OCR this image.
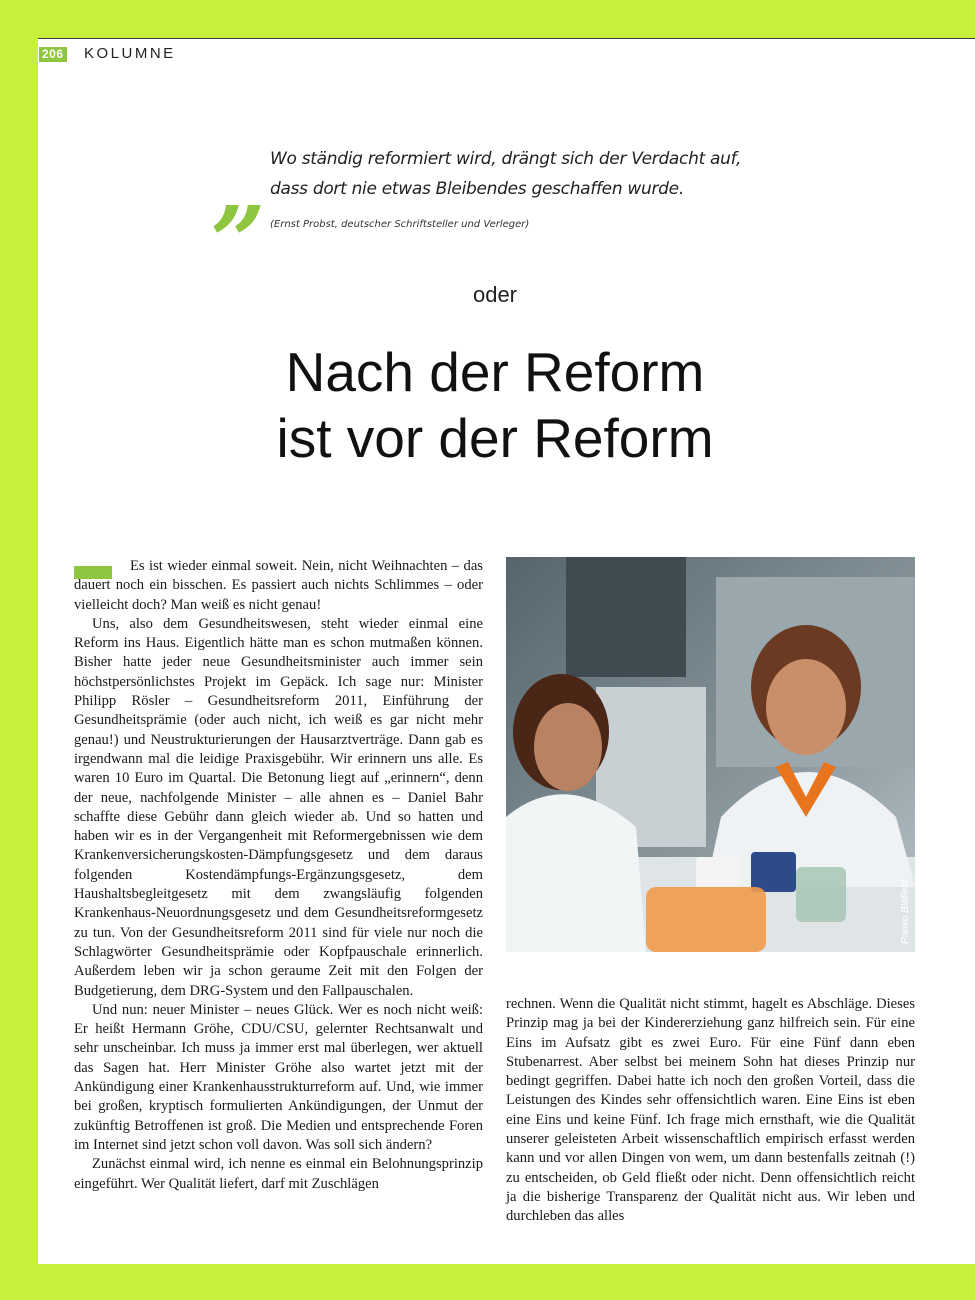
206 KOLUMNE
„ Wo ständig reformiert wird, drängt sich der Verdacht auf,
dass dort nie etwas Bleibendes geschaffen wurde.
(Ernst Probst, deutscher Schriftsteller und Verleger)
oder
Nach der Reform
ist vor der Reform

Es ist wieder einmal soweit. Nein, nicht Weihnachten – das dauert noch ein bisschen. Es passiert auch nichts Schlimmes – oder vielleicht doch? Man weiß es nicht genau!

Uns, also dem Gesundheitswesen, steht wieder einmal eine Reform ins Haus. Eigentlich hätte man es schon mutmaßen können. Bisher hatte jeder neue Gesundheitsminister auch immer sein höchstpersönlichstes Projekt im Gepäck. Ich sage nur: Minister Philipp Rösler – Gesundheitsreform 2011, Einführung der Gesundheitsprämie (oder auch nicht, ich weiß es gar nicht mehr genau!) und Neustrukturierungen der Hausarztverträge. Dann gab es irgendwann mal die leidige Praxisgebühr. Wir erinnern uns alle. Es waren 10 Euro im Quartal. Die Betonung liegt auf „erinnern“, denn der neue, nachfolgende Minister – alle ahnen es – Daniel Bahr schaffte diese Gebühr dann gleich wieder ab. Und so hatten und haben wir es in der Vergangenheit mit Reformergebnissen wie dem Krankenversicherungskosten-Dämpfungsgesetz und dem daraus folgenden Kostendämpfungs-Ergänzungsgesetz, dem Haushaltsbegleitgesetz mit dem zwangsläufig folgenden Krankenhaus-Neuordnungsgesetz und dem Gesundheitsreformgesetz zu tun. Von der Gesundheitsreform 2011 sind für viele nur noch die Schlagwörter Gesundheitsprämie oder Kopfpauschale erinnerlich. Außerdem leben wir ja schon geraume Zeit mit den Folgen der Budgetierung, dem DRG-System und den Fallpauschalen.

Und nun: neuer Minister – neues Glück. Wer es noch nicht weiß: Er heißt Hermann Gröhe, CDU/CSU, gelernter Rechtsanwalt und sehr unscheinbar. Ich muss ja immer erst mal überlegen, wer aktuell das Sagen hat. Herr Minister Gröhe also wartet jetzt mit der Ankündigung einer Krankenhausstrukturreform auf. Und, wie immer bei großen, kryptisch formulierten Ankündigungen, der Unmut der zukünftig Betroffenen ist groß. Die Medien und entsprechende Foren im Internet sind jetzt schon voll davon. Was soll sich ändern?

Zunächst einmal wird, ich nenne es einmal ein Belohnungsprinzip eingeführt. Wer Qualität liefert, darf mit Zuschlägen

Paavo Bläfield

rechnen. Wenn die Qualität nicht stimmt, hagelt es Abschläge. Dieses Prinzip mag ja bei der Kindererziehung ganz hilfreich sein. Für eine Eins im Aufsatz gibt es zwei Euro. Für eine Fünf dann eben Stubenarrest. Aber selbst bei meinem Sohn hat dieses Prinzip nur bedingt gegriffen. Dabei hatte ich noch den großen Vorteil, dass die Leistungen des Kindes sehr offensichtlich waren. Eine Eins ist eben eine Eins und keine Fünf. Ich frage mich ernsthaft, wie die Qualität unserer geleisteten Arbeit wissenschaftlich empirisch erfasst werden kann und vor allen Dingen von wem, um dann bestenfalls zeitnah (!) zu entscheiden, ob Geld fließt oder nicht. Denn offensichtlich reicht ja die bisherige Transparenz der Qualität nicht aus. Wir leben und durchleben das alles
